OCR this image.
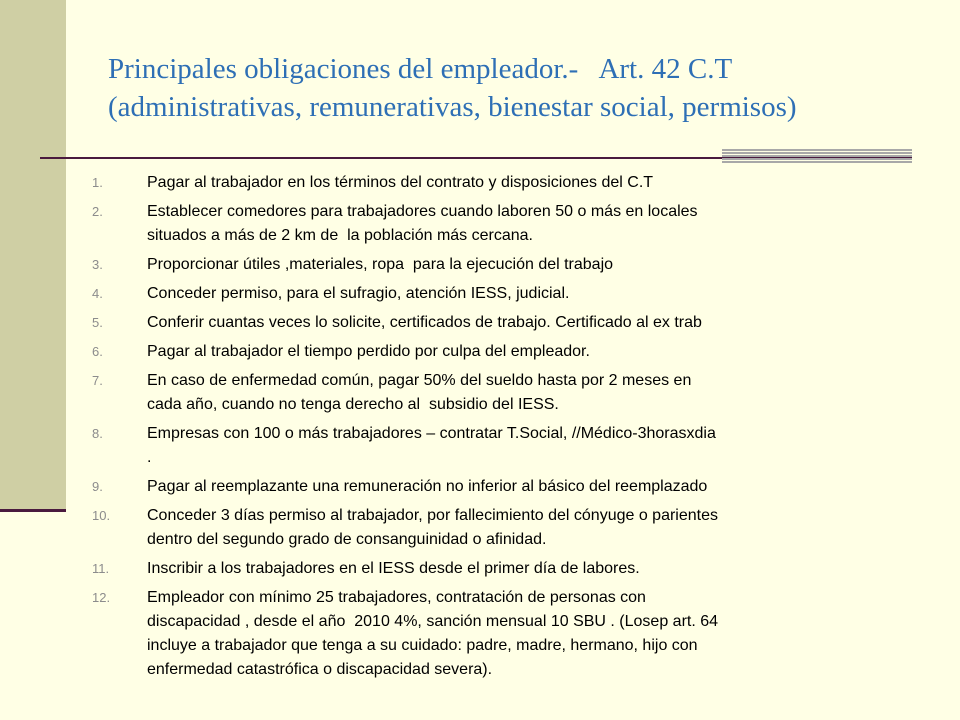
Principales obligaciones del empleador.-   Art. 42 C.T
(administrativas, remunerativas, bienestar social, permisos)
1.	Pagar al trabajador en los términos del contrato y disposiciones del C.T
2.	Establecer comedores para trabajadores cuando laboren 50 o más en locales
situados a más de 2 km de  la población más cercana.
3.	Proporcionar útiles ,materiales, ropa  para la ejecución del trabajo
4.	Conceder permiso, para el sufragio, atención IESS, judicial.
5.	Conferir cuantas veces lo solicite, certificados de trabajo. Certificado al ex trab
6.	Pagar al trabajador el tiempo perdido por culpa del empleador.
7.	En caso de enfermedad común, pagar 50% del sueldo hasta por 2 meses en
cada año, cuando no tenga derecho al  subsidio del IESS.
8.	Empresas con 100 o más trabajadores – contratar T.Social, //Médico-3horasxdia
.
9.	Pagar al reemplazante una remuneración no inferior al básico del reemplazado
10.	Conceder 3 días permiso al trabajador, por fallecimiento del cónyuge o parientes
dentro del segundo grado de consanguinidad o afinidad.
11.	Inscribir a los trabajadores en el IESS desde el primer día de labores.
12.	Empleador con mínimo 25 trabajadores, contratación de personas con
discapacidad , desde el año  2010 4%, sanción mensual 10 SBU . (Losep art. 64
incluye a trabajador que tenga a su cuidado: padre, madre, hermano, hijo con
enfermedad catastrófica o discapacidad severa).
